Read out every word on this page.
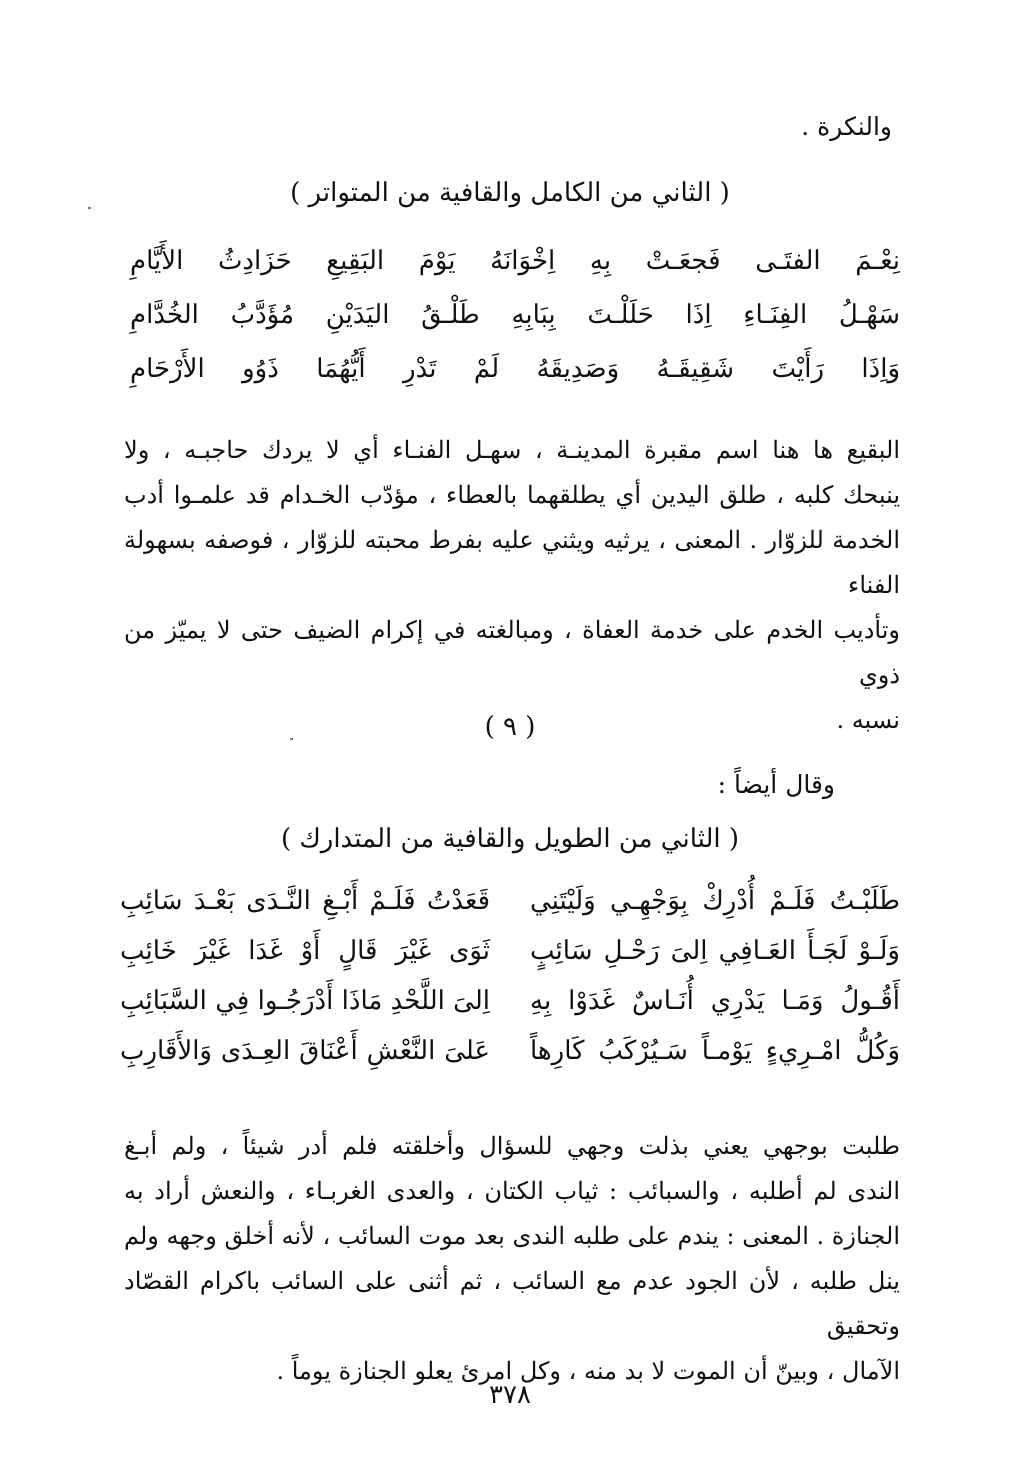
والنكرة .
( الثاني من الكامل والقافية من المتواتر )
نِعْـمَ الفتَـى فَجعَـتْ بِهِ اِخْوَانَهُ يَوْمَ البَقِيعِ حَزَادِثُ الأَيَّامِ
سَهْـلُ الفِنَـاءِ اِذَا حَلَلْـتَ بِبَابِهِ طَلْـقُ اليَدَيْنِ مُؤَدَّبُ الخُدَّامِ
وَاِذَا رَأَيْتَ شَقِيقَـهُ وَصَدِيقَهُ لَمْ تَدْرِ أَيُّهُمَا ذَوُو الأَرْحَامِ
البقيع ها هنا اسم مقبرة المدينـة ، سهـل الفنـاء أي لا يردك حاجبـه ، ولا
ينبحك كلبه ، طلق اليدين أي يطلقهما بالعطاء ، مؤدّب الخـدام قد علمـوا أدب
الخدمة للزوّار . المعنى ، يرثيه ويثني عليه بفرط محبته للزوّار ، فوصفه بسهولة الفناء
وتأديب الخدم على خدمة العفاة ، ومبالغته في إكرام الضيف حتى لا يميّز من ذوي
نسبه .
( ٩ )
وقال أيضاً :
( الثاني من الطويل والقافية من المتدارك )
طَلَبْـتُ فَلَـمْ أُدْرِكْ بِوَجْهِـي وَلَيْتَنِي
قَعَدْتُ فَلَـمْ أَبْـغِ النَّـدَى بَعْـدَ سَائِبِ
وَلَـوْ لَجَـأَ العَـافِي اِلىَ رَحْـلِ سَائِبٍ
ثَوَى غَيْرَ قَالٍ أَوْ غَدَا غَيْرَ خَائِبِ
أَقُـولُ وَمَـا يَدْرِي أُنَـاسٌ غَدَوْا بِهِ
اِلىَ اللَّحْدِ مَاذَا أَدْرَجُـوا فِي السَّبَائِبِ
وَكُلُّ امْـرِيءٍ يَوْمـاً سَـيُرْكَبُ كَارِهاً
عَلىَ النَّعْشِ أَعْنَاقَ العِـدَى وَالأَقَارِبِ
طلبت بوجهي يعني بذلت وجهي للسؤال وأخلقته فلم أدر شيئاً ، ولم أبـغ
الندى لم أطلبه ، والسبائب : ثياب الكتان ، والعدى الغربـاء ، والنعش أراد به
الجنازة . المعنى : يندم على طلبه الندى بعد موت السائب ، لأنه أخلق وجهه ولم
ينل طلبه ، لأن الجود عدم مع السائب ، ثم أثنى على السائب باكرام القصّاد وتحقيق
الآمال ، وبينّ أن الموت لا بد منه ، وكل امرئ يعلو الجنازة يوماً .
٣٧٨
